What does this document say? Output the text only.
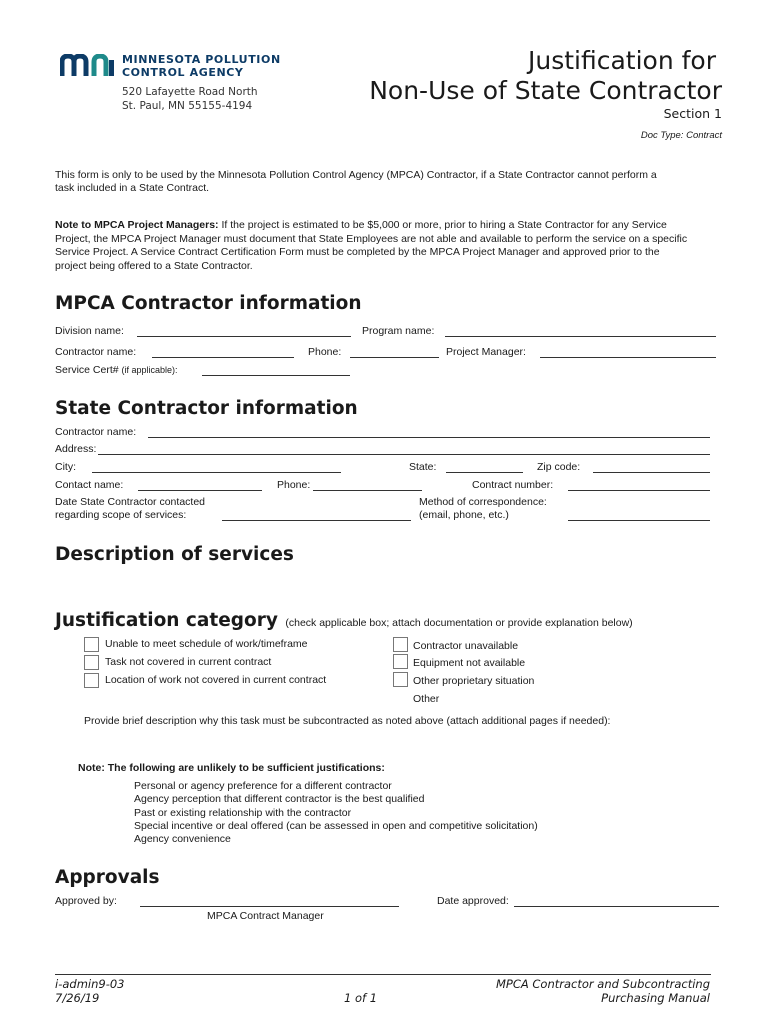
MINNESOTA POLLUTION
CONTROL AGENCY
520 Lafayette Road North
St. Paul, MN 55155-4194
Justification for
Non-Use of State Contractor
Section 1
Doc Type: Contract
This form is only to be used by the Minnesota Pollution Control Agency (MPCA) Contractor, if a State Contractor cannot perform a
task included in a State Contract.
Note to MPCA Project Managers: If the project is estimated to be $5,000 or more, prior to hiring a State Contractor for any Service
Project, the MPCA Project Manager must document that State Employees are not able and available to perform the service on a specific
Service Project. A Service Contract Certification Form must be completed by the MPCA Project Manager and approved prior to the
project being offered to a State Contractor.
MPCA Contractor information
Division name:	Program name:
Contractor name:	Phone:	Project Manager:
Service Cert# (if applicable):
State Contractor information
Contractor name:
Address:
City:	State:	Zip code:
Contact name:	Phone:	Contract number:
Date State Contractor contacted
regarding scope of services:
Method of correspondence:
(email, phone, etc.)
Description of services
Justification category (check applicable box; attach documentation or provide explanation below)
Unable to meet schedule of work/timeframe
Task not covered in current contract
Location of work not covered in current contract
Contractor unavailable
Equipment not available
Other proprietary situation
Other
Provide brief description why this task must be subcontracted as noted above (attach additional pages if needed):
Note: The following are unlikely to be sufficient justifications:
Personal or agency preference for a different contractor
Agency perception that different contractor is the best qualified
Past or existing relationship with the contractor
Special incentive or deal offered (can be assessed in open and competitive solicitation)
Agency convenience
Approvals
Approved by:
MPCA Contract Manager
Date approved:
i-admin9-03
7/26/19	1 of 1
MPCA Contractor and Subcontracting
Purchasing Manual
